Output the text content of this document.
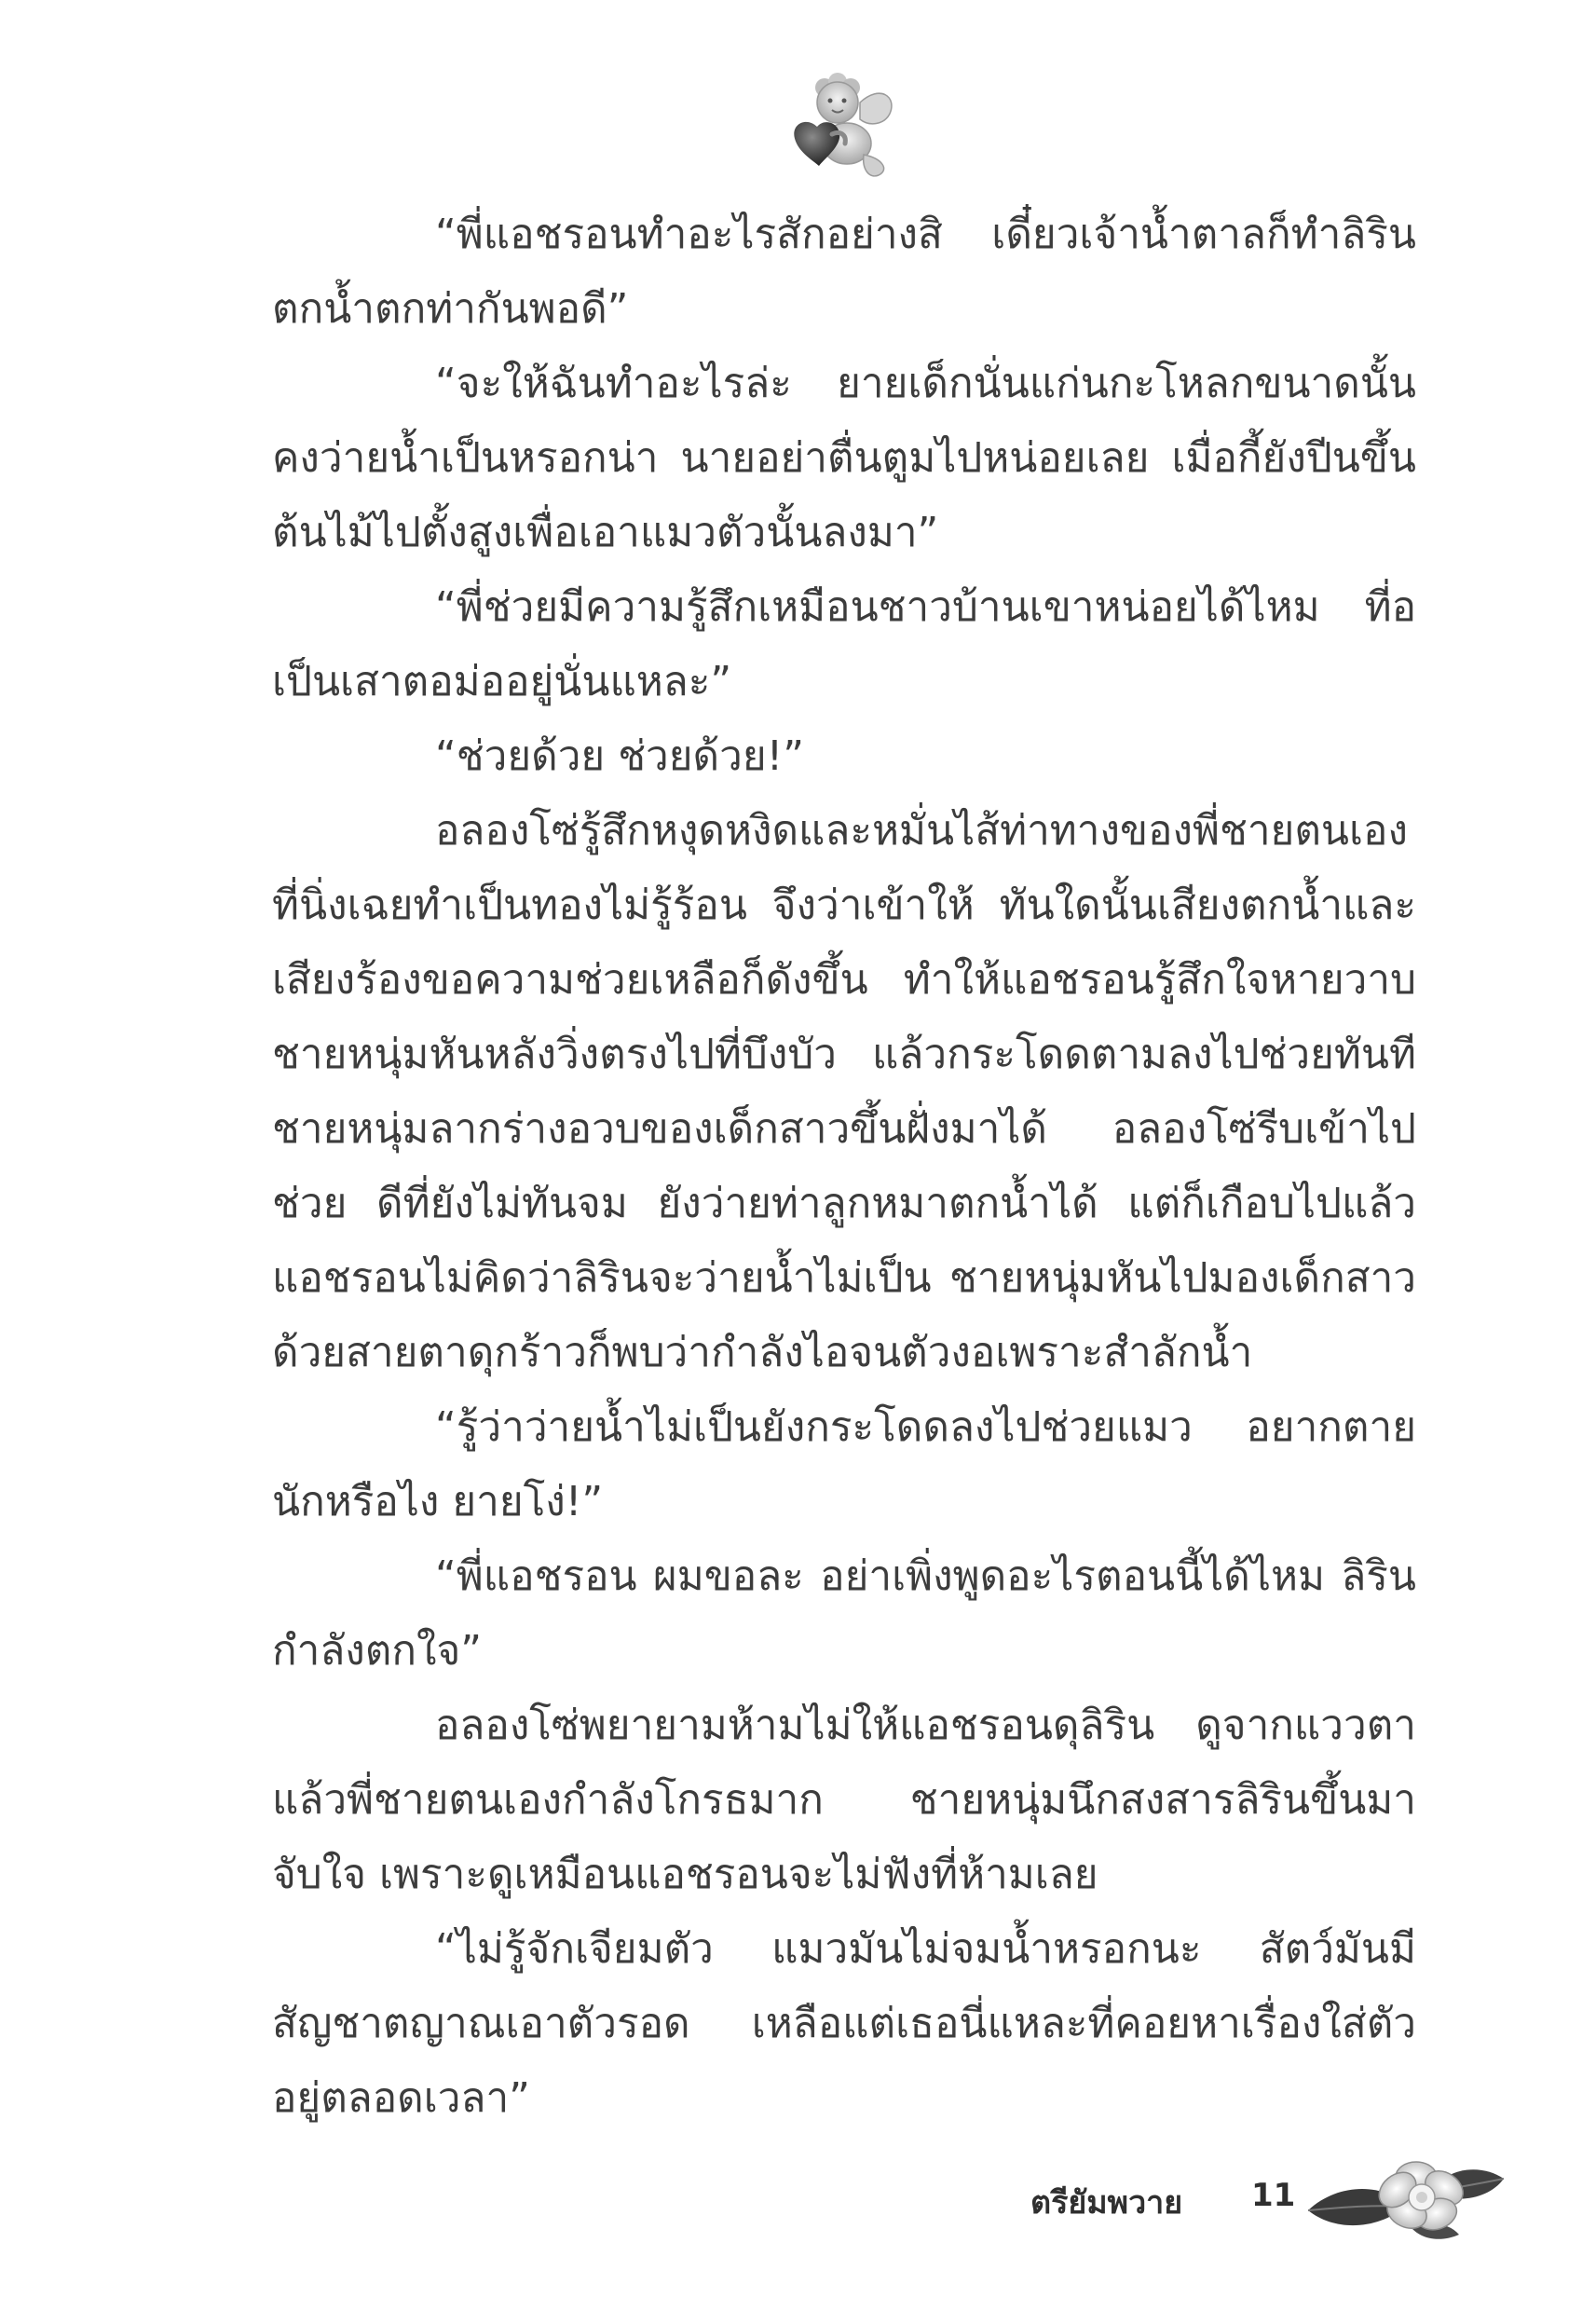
“พี่แอชรอนทำอะไรสักอย่างสิ เดี๋ยวเจ้าน้ำตาลก็ทำลิรินตกน้ำตกท่ากันพอดี”

“จะให้ฉันทำอะไรล่ะ ยายเด็กนั่นแก่นกะโหลกขนาดนั้นคงว่ายน้ำเป็นหรอกน่า นายอย่าตื่นตูมไปหน่อยเลย เมื่อกี้ยังปีนขึ้นต้นไม้ไปตั้งสูงเพื่อเอาแมวตัวนั้นลงมา”

“พี่ช่วยมีความรู้สึกเหมือนชาวบ้านเขาหน่อยได้ไหม ที่อเป็นเสาตอม่ออยู่นั่นแหละ”

“ช่วยด้วย ช่วยด้วย!”

อลองโซ่รู้สึกหงุดหงิดและหมั่นไส้ท่าทางของพี่ชายตนเองที่นิ่งเฉยทำเป็นทองไม่รู้ร้อน จึงว่าเข้าให้ ทันใดนั้นเสียงตกน้ำและเสียงร้องขอความช่วยเหลือก็ดังขึ้น ทำให้แอชรอนรู้สึกใจหายวาบ ชายหนุ่มหันหลังวิ่งตรงไปที่บึงบัว แล้วกระโดดตามลงไปช่วยทันที ชายหนุ่มลากร่างอวบของเด็กสาวขึ้นฝั่งมาได้ อลองโซ่รีบเข้าไปช่วย ดีที่ยังไม่ทันจม ยังว่ายท่าลูกหมาตกน้ำได้ แต่ก็เกือบไปแล้ว แอชรอนไม่คิดว่าลิรินจะว่ายน้ำไม่เป็น ชายหนุ่มหันไปมองเด็กสาวด้วยสายตาดุกร้าวก็พบว่ากำลังไอจนตัวงอเพราะสำลักน้ำ

“รู้ว่าว่ายน้ำไม่เป็นยังกระโดดลงไปช่วยแมว อยากตายนักหรือไง ยายโง่!”

“พี่แอชรอน ผมขอละ อย่าเพิ่งพูดอะไรตอนนี้ได้ไหม ลิรินกำลังตกใจ”

อลองโซ่พยายามห้ามไม่ให้แอชรอนดุลิริน ดูจากแววตาแล้วพี่ชายตนเองกำลังโกรธมาก ชายหนุ่มนึกสงสารลิรินขึ้นมาจับใจ เพราะดูเหมือนแอชรอนจะไม่ฟังที่ห้ามเลย

“ไม่รู้จักเจียมตัว แมวมันไม่จมน้ำหรอกนะ สัตว์มันมีสัญชาตญาณเอาตัวรอด เหลือแต่เธอนี่แหละที่คอยหาเรื่องใส่ตัวอยู่ตลอดเวลา”

ตรียัมพวาย 11
